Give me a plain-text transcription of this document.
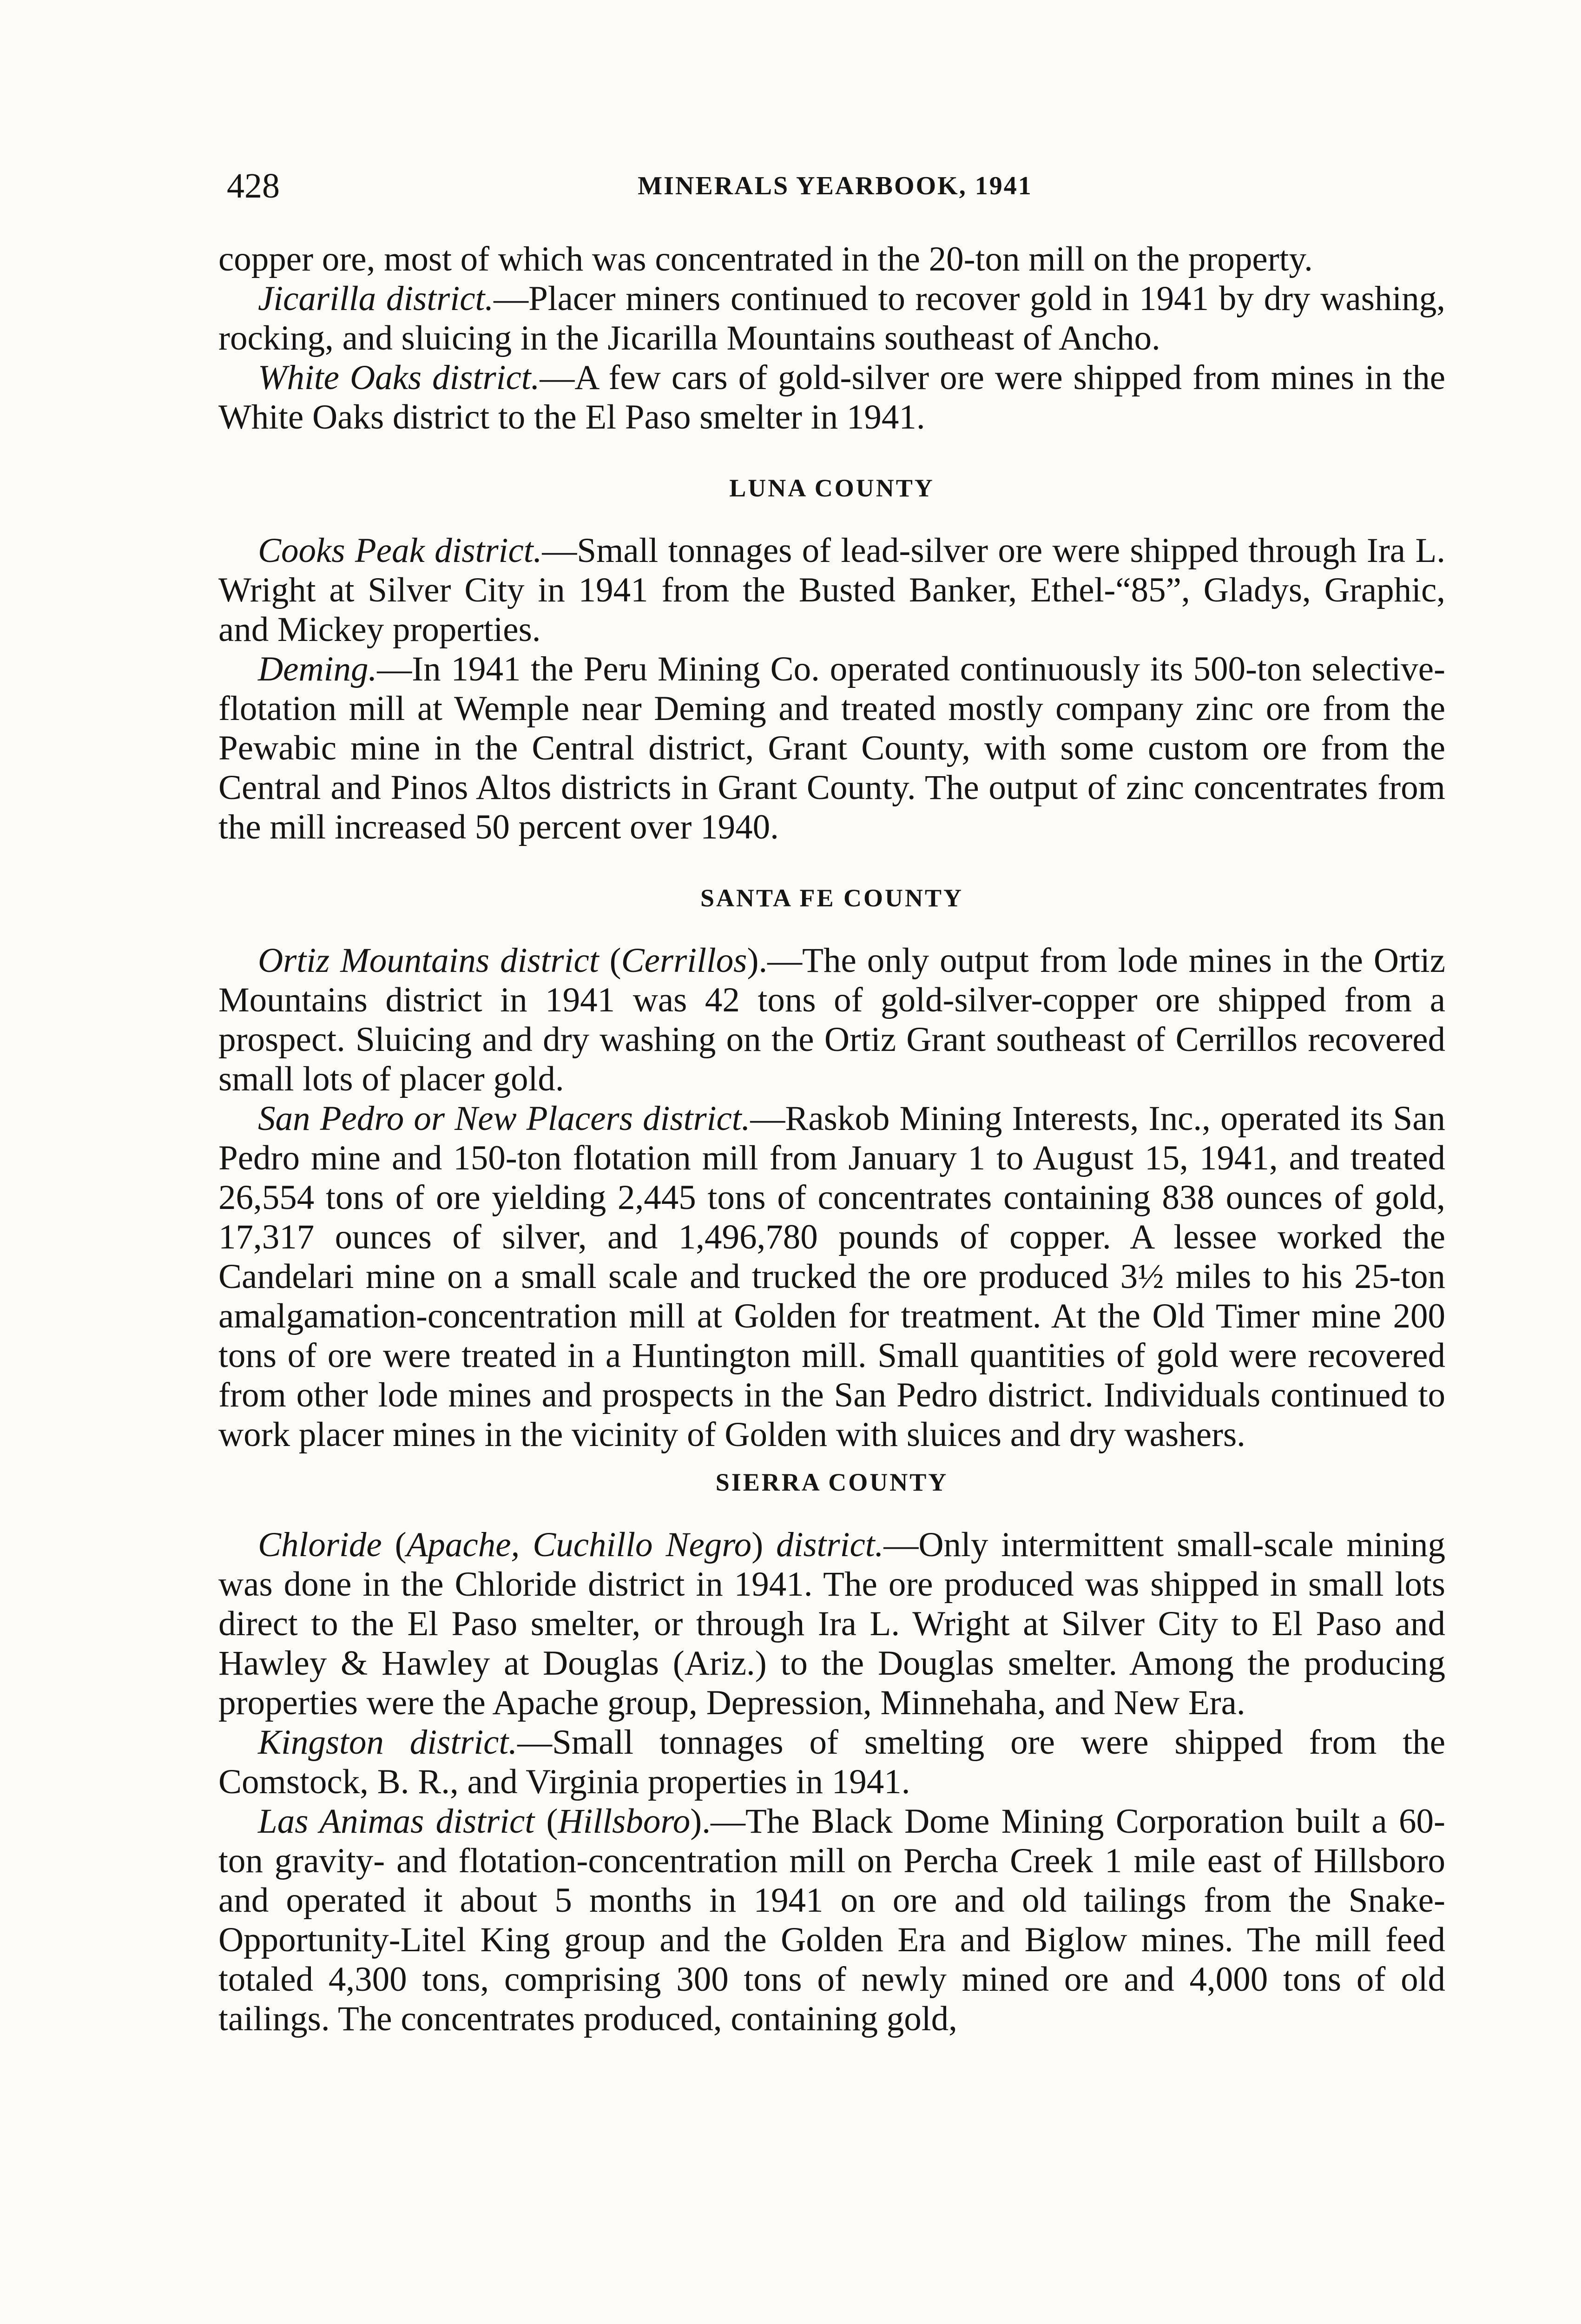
428	MINERALS YEARBOOK, 1941

copper ore, most of which was concentrated in the 20-ton mill on the property.

Jicarilla district.—Placer miners continued to recover gold in 1941 by dry washing, rocking, and sluicing in the Jicarilla Mountains southeast of Ancho.

White Oaks district.—A few cars of gold-silver ore were shipped from mines in the White Oaks district to the El Paso smelter in 1941.

LUNA COUNTY

Cooks Peak district.—Small tonnages of lead-silver ore were shipped through Ira L. Wright at Silver City in 1941 from the Busted Banker, Ethel-“85”, Gladys, Graphic, and Mickey properties.

Deming.—In 1941 the Peru Mining Co. operated continuously its 500-ton selective-flotation mill at Wemple near Deming and treated mostly company zinc ore from the Pewabic mine in the Central district, Grant County, with some custom ore from the Central and Pinos Altos districts in Grant County. The output of zinc concentrates from the mill increased 50 percent over 1940.

SANTA FE COUNTY

Ortiz Mountains district (Cerrillos).—The only output from lode mines in the Ortiz Mountains district in 1941 was 42 tons of gold-silver-copper ore shipped from a prospect. Sluicing and dry washing on the Ortiz Grant southeast of Cerrillos recovered small lots of placer gold.

San Pedro or New Placers district.—Raskob Mining Interests, Inc., operated its San Pedro mine and 150-ton flotation mill from January 1 to August 15, 1941, and treated 26,554 tons of ore yielding 2,445 tons of concentrates containing 838 ounces of gold, 17,317 ounces of silver, and 1,496,780 pounds of copper. A lessee worked the Candelari mine on a small scale and trucked the ore produced 3½ miles to his 25-ton amalgamation-concentration mill at Golden for treatment. At the Old Timer mine 200 tons of ore were treated in a Huntington mill. Small quantities of gold were recovered from other lode mines and prospects in the San Pedro district. Individuals continued to work placer mines in the vicinity of Golden with sluices and dry washers.

SIERRA COUNTY

Chloride (Apache, Cuchillo Negro) district.—Only intermittent small-scale mining was done in the Chloride district in 1941. The ore produced was shipped in small lots direct to the El Paso smelter, or through Ira L. Wright at Silver City to El Paso and Hawley & Hawley at Douglas (Ariz.) to the Douglas smelter. Among the producing properties were the Apache group, Depression, Minnehaha, and New Era.

Kingston district.—Small tonnages of smelting ore were shipped from the Comstock, B. R., and Virginia properties in 1941.

Las Animas district (Hillsboro).—The Black Dome Mining Corporation built a 60-ton gravity- and flotation-concentration mill on Percha Creek 1 mile east of Hillsboro and operated it about 5 months in 1941 on ore and old tailings from the Snake-Opportunity-Litel King group and the Golden Era and Biglow mines. The mill feed totaled 4,300 tons, comprising 300 tons of newly mined ore and 4,000 tons of old tailings. The concentrates produced, containing gold,
